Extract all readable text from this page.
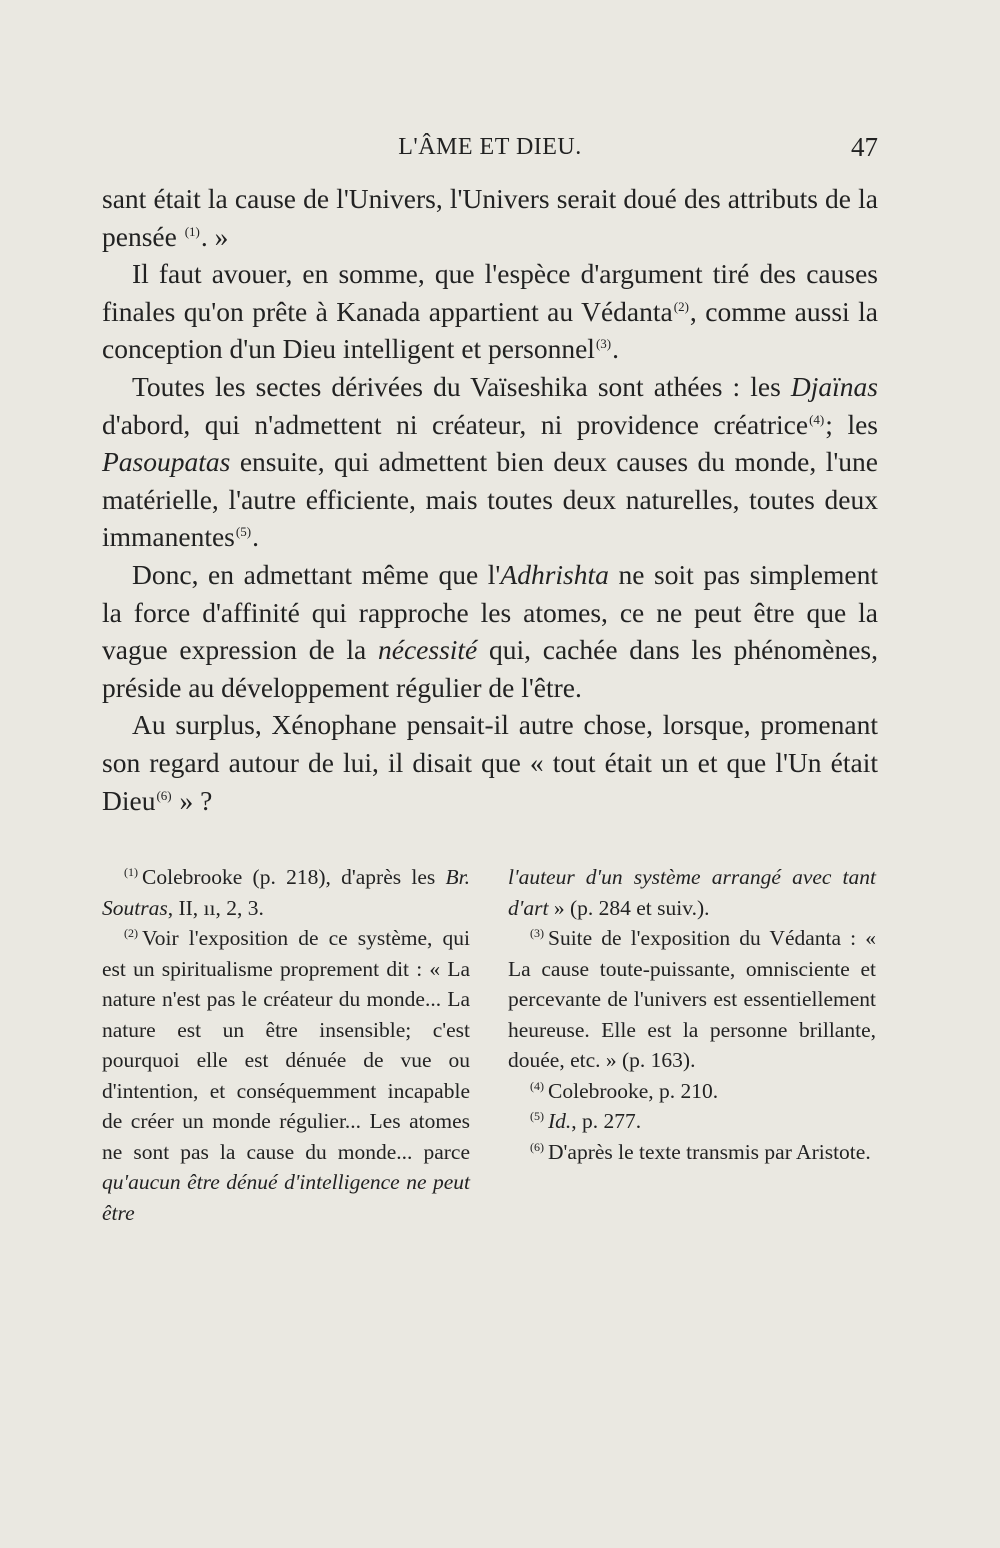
L'ÂME ET DIEU.	47

sant était la cause de l'Univers, l'Univers serait doué des attributs de la pensée $^{(1)}$. »

Il faut avouer, en somme, que l'espèce d'argument tiré des causes finales qu'on prête à Kanada appartient au Védanta$^{(2)}$, comme aussi la conception d'un Dieu intelligent et personnel$^{(3)}$.

Toutes les sectes dérivées du Vaïseshika sont athées : les Djaïnas d'abord, qui n'admettent ni créateur, ni providence créatrice$^{(4)}$; les Pasoupatas ensuite, qui admettent bien deux causes du monde, l'une matérielle, l'autre efficiente, mais toutes deux naturelles, toutes deux immanentes$^{(5)}$.

Donc, en admettant même que l'Adhrishta ne soit pas simplement la force d'affinité qui rapproche les atomes, ce ne peut être que la vague expression de la nécessité qui, cachée dans les phénomènes, préside au développement régulier de l'être.

Au surplus, Xénophane pensait-il autre chose, lorsque, promenant son regard autour de lui, il disait que « tout était un et que l'Un était Dieu$^{(6)}$ » ?

$^{(1)}$ Colebrooke (p. 218), d'après les Br. Soutras, II, ıı, 2, 3.

$^{(2)}$ Voir l'exposition de ce système, qui est un spiritualisme proprement dit : « La nature n'est pas le créateur du monde... La nature est un être insensible; c'est pourquoi elle est dénuée de vue ou d'intention, et conséquemment incapable de créer un monde régulier... Les atomes ne sont pas la cause du monde... parce qu'aucun être dénué d'intelligence ne peut être

l'auteur d'un système arrangé avec tant d'art » (p. 284 et suiv.).

$^{(3)}$ Suite de l'exposition du Védanta : « La cause toute-puissante, omnisciente et percevante de l'univers est essentiellement heureuse. Elle est la personne brillante, douée, etc. » (p. 163).

$^{(4)}$ Colebrooke, p. 210.

$^{(5)}$ Id., p. 277.

$^{(6)}$ D'après le texte transmis par Aristote.
